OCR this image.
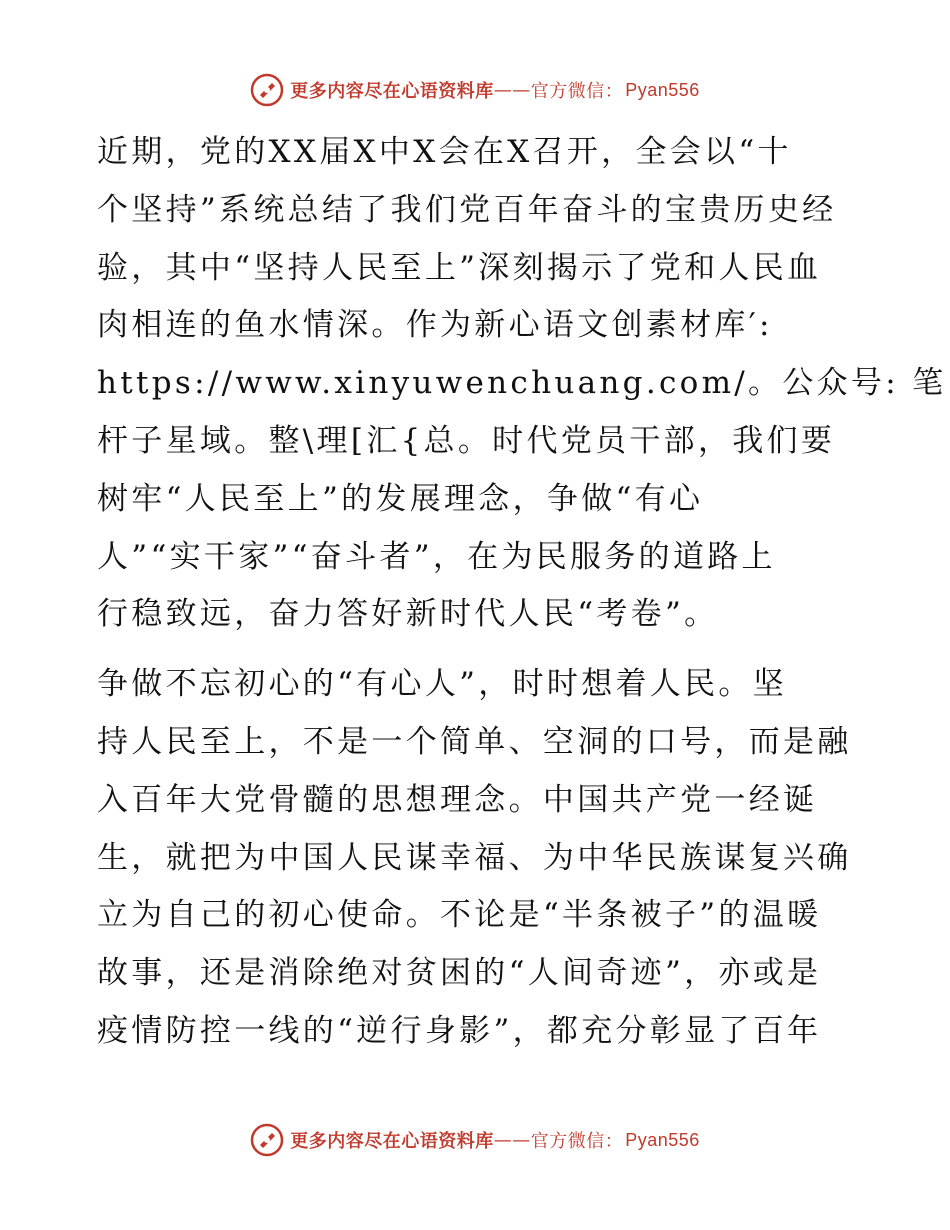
更多内容尽在心语资料库 —— 官方微信： Pyan556
近期，党的XX届X中X会在X召开，全会以“十
个坚持”系统总结了我们党百年奋斗的宝贵历史经
验，其中“坚持人民至上”深刻揭示了党和人民血
肉相连的鱼水情深。作为新心语文创素材库′:
https://www.xinyuwenchuang.com/。公众号: 笔
杆子星域。整\理[汇{总。时代党员干部，我们要
树牢“人民至上”的发展理念，争做“有心
人”“实干家”“奋斗者”，在为民服务的道路上
行稳致远，奋力答好新时代人民“考卷”。
争做不忘初心的“有心人”，时时想着人民。坚
持人民至上，不是一个简单、空洞的口号，而是融
入百年大党骨髓的思想理念。中国共产党一经诞
生，就把为中国人民谋幸福、为中华民族谋复兴确
立为自己的初心使命。不论是“半条被子”的温暖
故事，还是消除绝对贫困的“人间奇迹”，亦或是
疫情防控一线的“逆行身影”，都充分彰显了百年
更多内容尽在心语资料库 —— 官方微信： Pyan556
